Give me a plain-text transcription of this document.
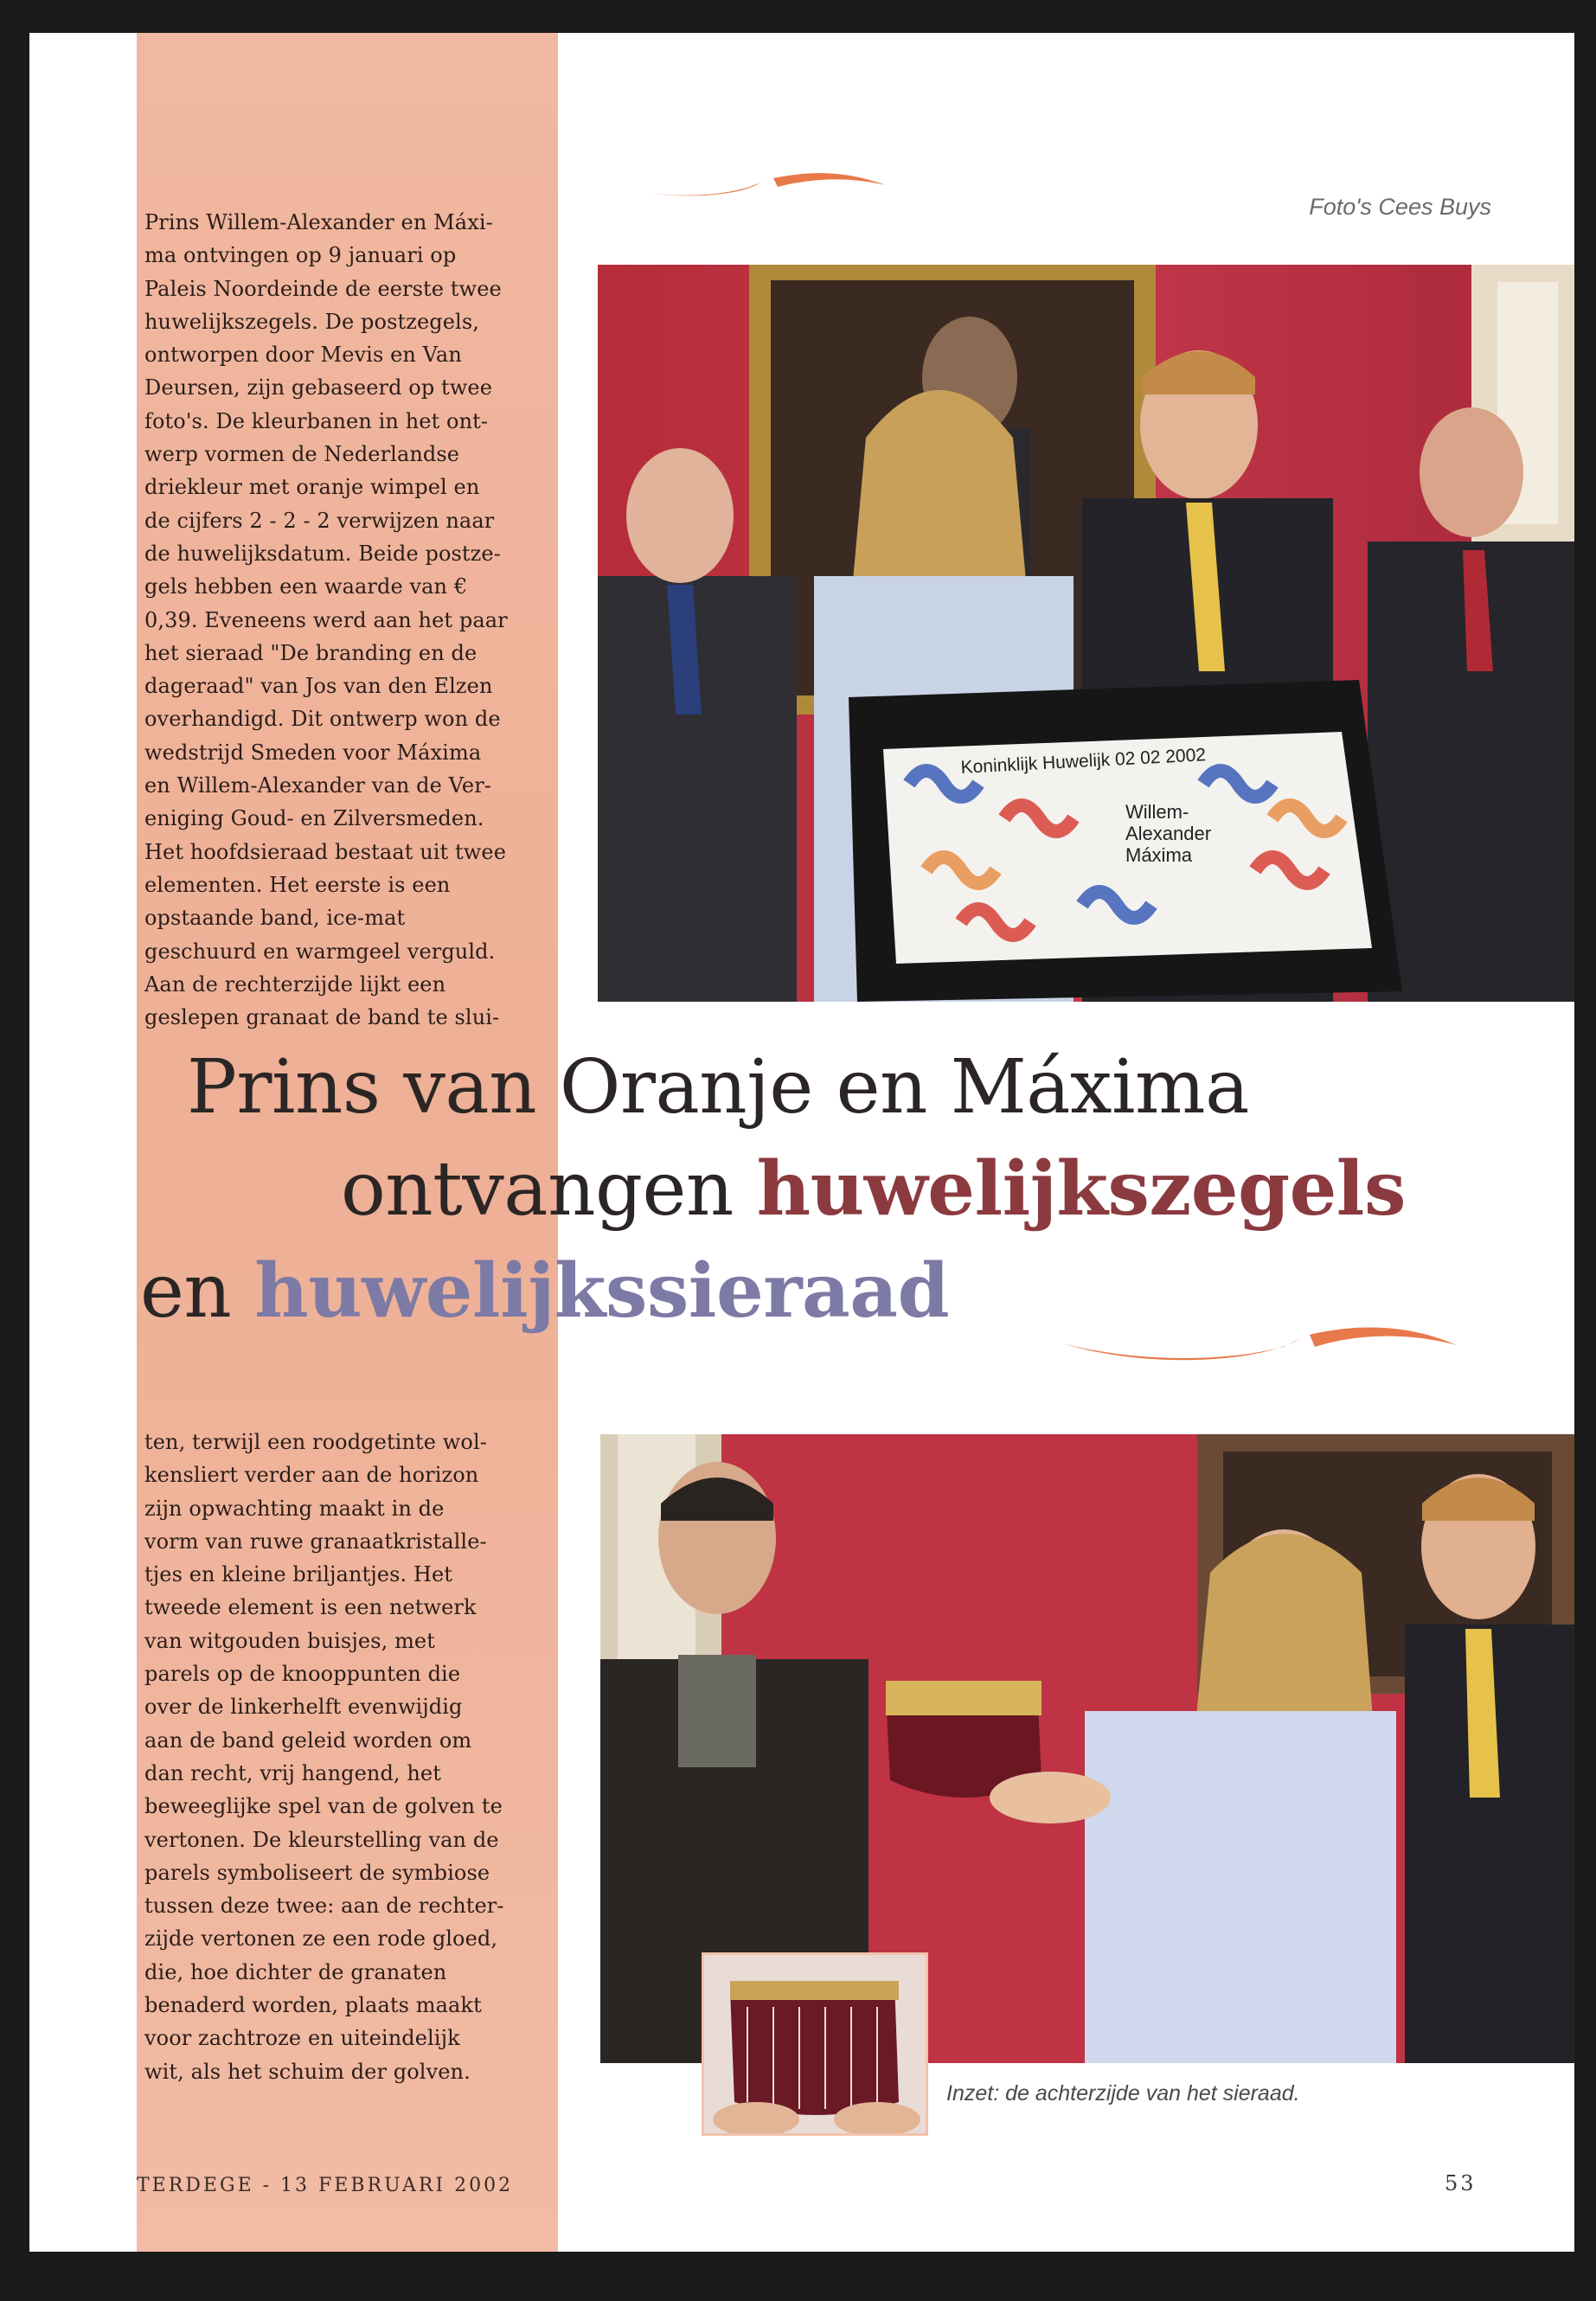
Foto's Cees Buys
Prins Willem-Alexander en Máxi-
ma ontvingen op 9 januari op
Paleis Noordeinde de eerste twee
huwelijkszegels. De postzegels,
ontworpen door Mevis en Van
Deursen, zijn gebaseerd op twee
foto's. De kleurbanen in het ont-
werp vormen de Nederlandse
driekleur met oranje wimpel en
de cijfers 2 - 2 - 2 verwijzen naar
de huwelijksdatum. Beide postze-
gels hebben een waarde van €
0,39. Eveneens werd aan het paar
het sieraad "De branding en de
dageraad" van Jos van den Elzen
overhandigd. Dit ontwerp won de
wedstrijd Smeden voor Máxima
en Willem-Alexander van de Ver-
eniging Goud- en Zilversmeden.
Het hoofdsieraad bestaat uit twee
elementen. Het eerste is een
opstaande band, ice-mat
geschuurd en warmgeel verguld.
Aan de rechterzijde lijkt een
geslepen granaat de band te slui-
Koninklijk Huwelijk 02 02 2002
Willem-
Alexander
Máxima
Prins van Oranje en Máxima
ontvangen huwelijkszegels
en huwelijkssieraad
ten, terwijl een roodgetinte wol-
kensliert verder aan de horizon
zijn opwachting maakt in de
vorm van ruwe granaatkristalle-
tjes en kleine briljantjes. Het
tweede element is een netwerk
van witgouden buisjes, met
parels op de knooppunten die
over de linkerhelft evenwijdig
aan de band geleid worden om
dan recht, vrij hangend, het
beweeglijke spel van de golven te
vertonen. De kleurstelling van de
parels symboliseert de symbiose
tussen deze twee: aan de rechter-
zijde vertonen ze een rode gloed,
die, hoe dichter de granaten
benaderd worden, plaats maakt
voor zachtroze en uiteindelijk
wit, als het schuim der golven.
Inzet: de achterzijde van het sieraad.
TERDEGE - 13 FEBRUARI 2002	53
